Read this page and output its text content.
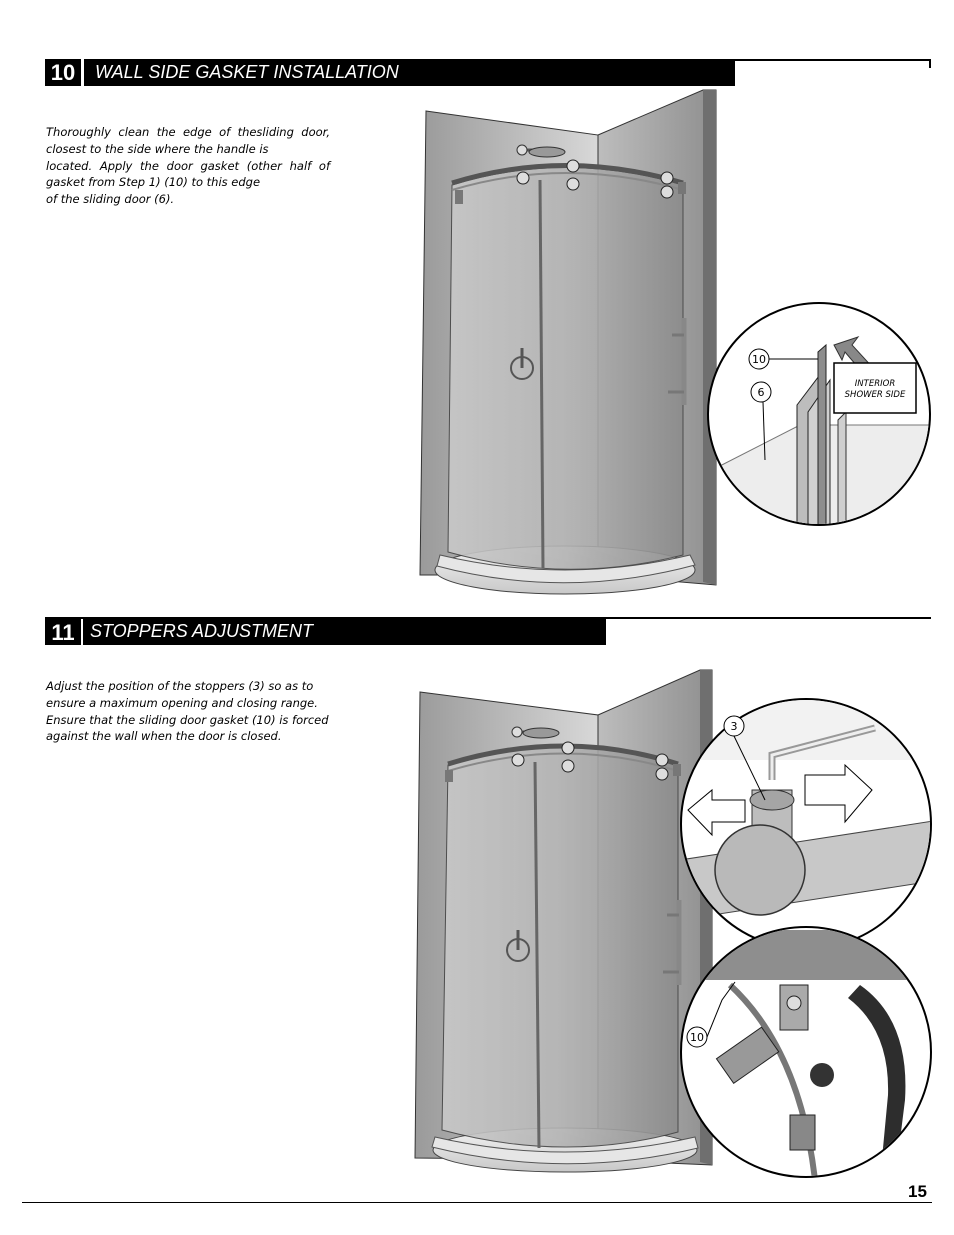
10	WALL SIDE GASKET INSTALLATION
Thoroughly clean the edge of thesliding door,
closest to the side where the handle is
located. Apply the door gasket (other half of
gasket from Step 1) (10) to this edge
of the sliding door (6).
INTERIOR
SHOWER SIDE
10
6
11 STOPPERS ADJUSTMENT
Adjust the position of the stoppers (3) so as to
ensure a maximum opening and closing range.
Ensure that the sliding door gasket (10) is forced
against the wall when the door is closed.
3
10
15
